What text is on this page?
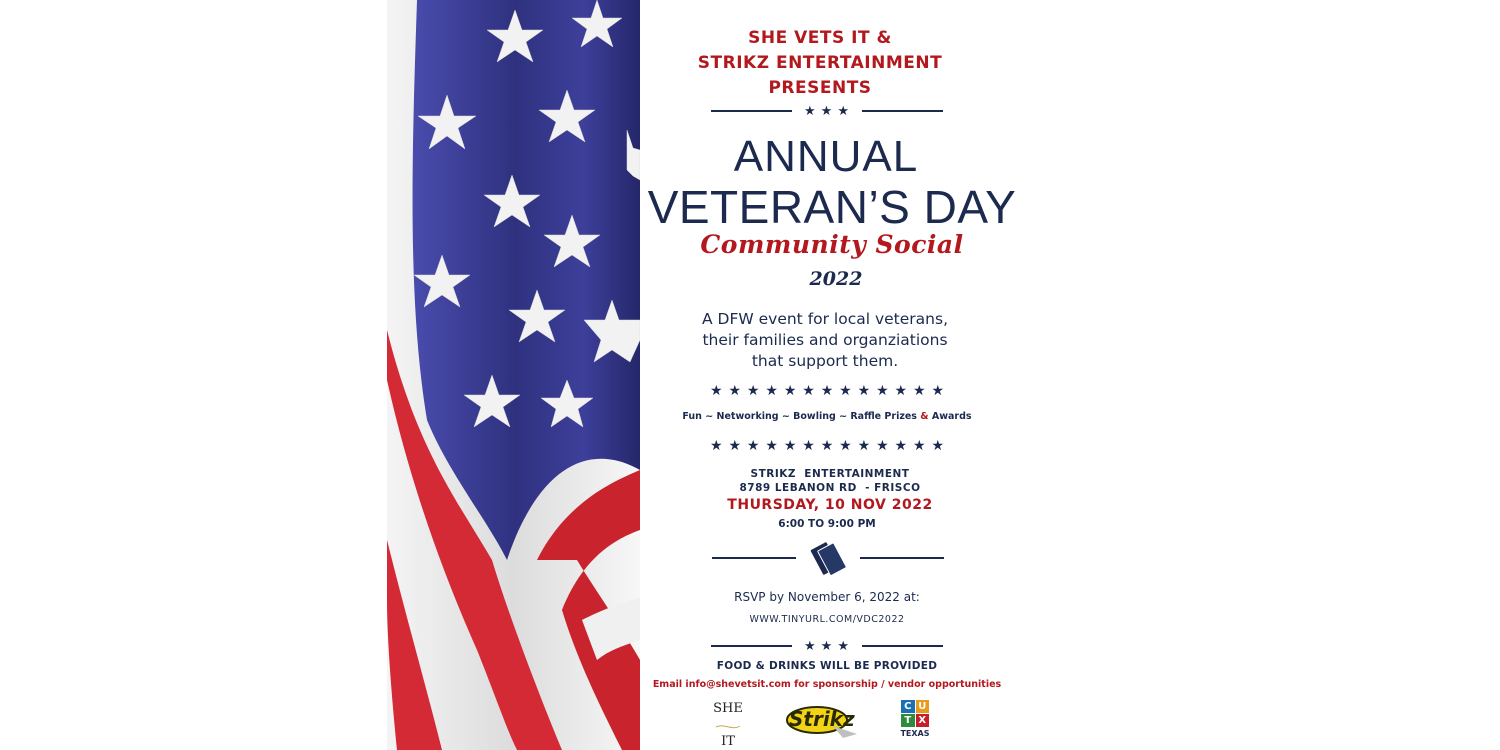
SHE VETS IT &
STRIKZ ENTERTAINMENT
PRESENTS
★★★
ANNUAL
VETERAN’S DAY
Community Social
2022
A DFW event for local veterans,
their families and organziations
that support them.
★ ★ ★ ★ ★ ★ ★ ★ ★ ★ ★ ★ ★
Fun ~ Networking ~ Bowling ~ Raffle Prizes & Awards
★ ★ ★ ★ ★ ★ ★ ★ ★ ★ ★ ★ ★
STRIKZ  ENTERTAINMENT
8789 LEBANON RD  - FRISCO
THURSDAY, 10 NOV 2022
6:00 TO 9:00 PM
RSVP by November 6, 2022 at:
WWW.TINYURL.COM/VDC2022
★★★
FOOD & DRINKS WILL BE PROVIDED
Email info@shevetsit.com for sponsorship / vendor opportunities
SHE
IT
Strikz
C U
T X
TEXAS
